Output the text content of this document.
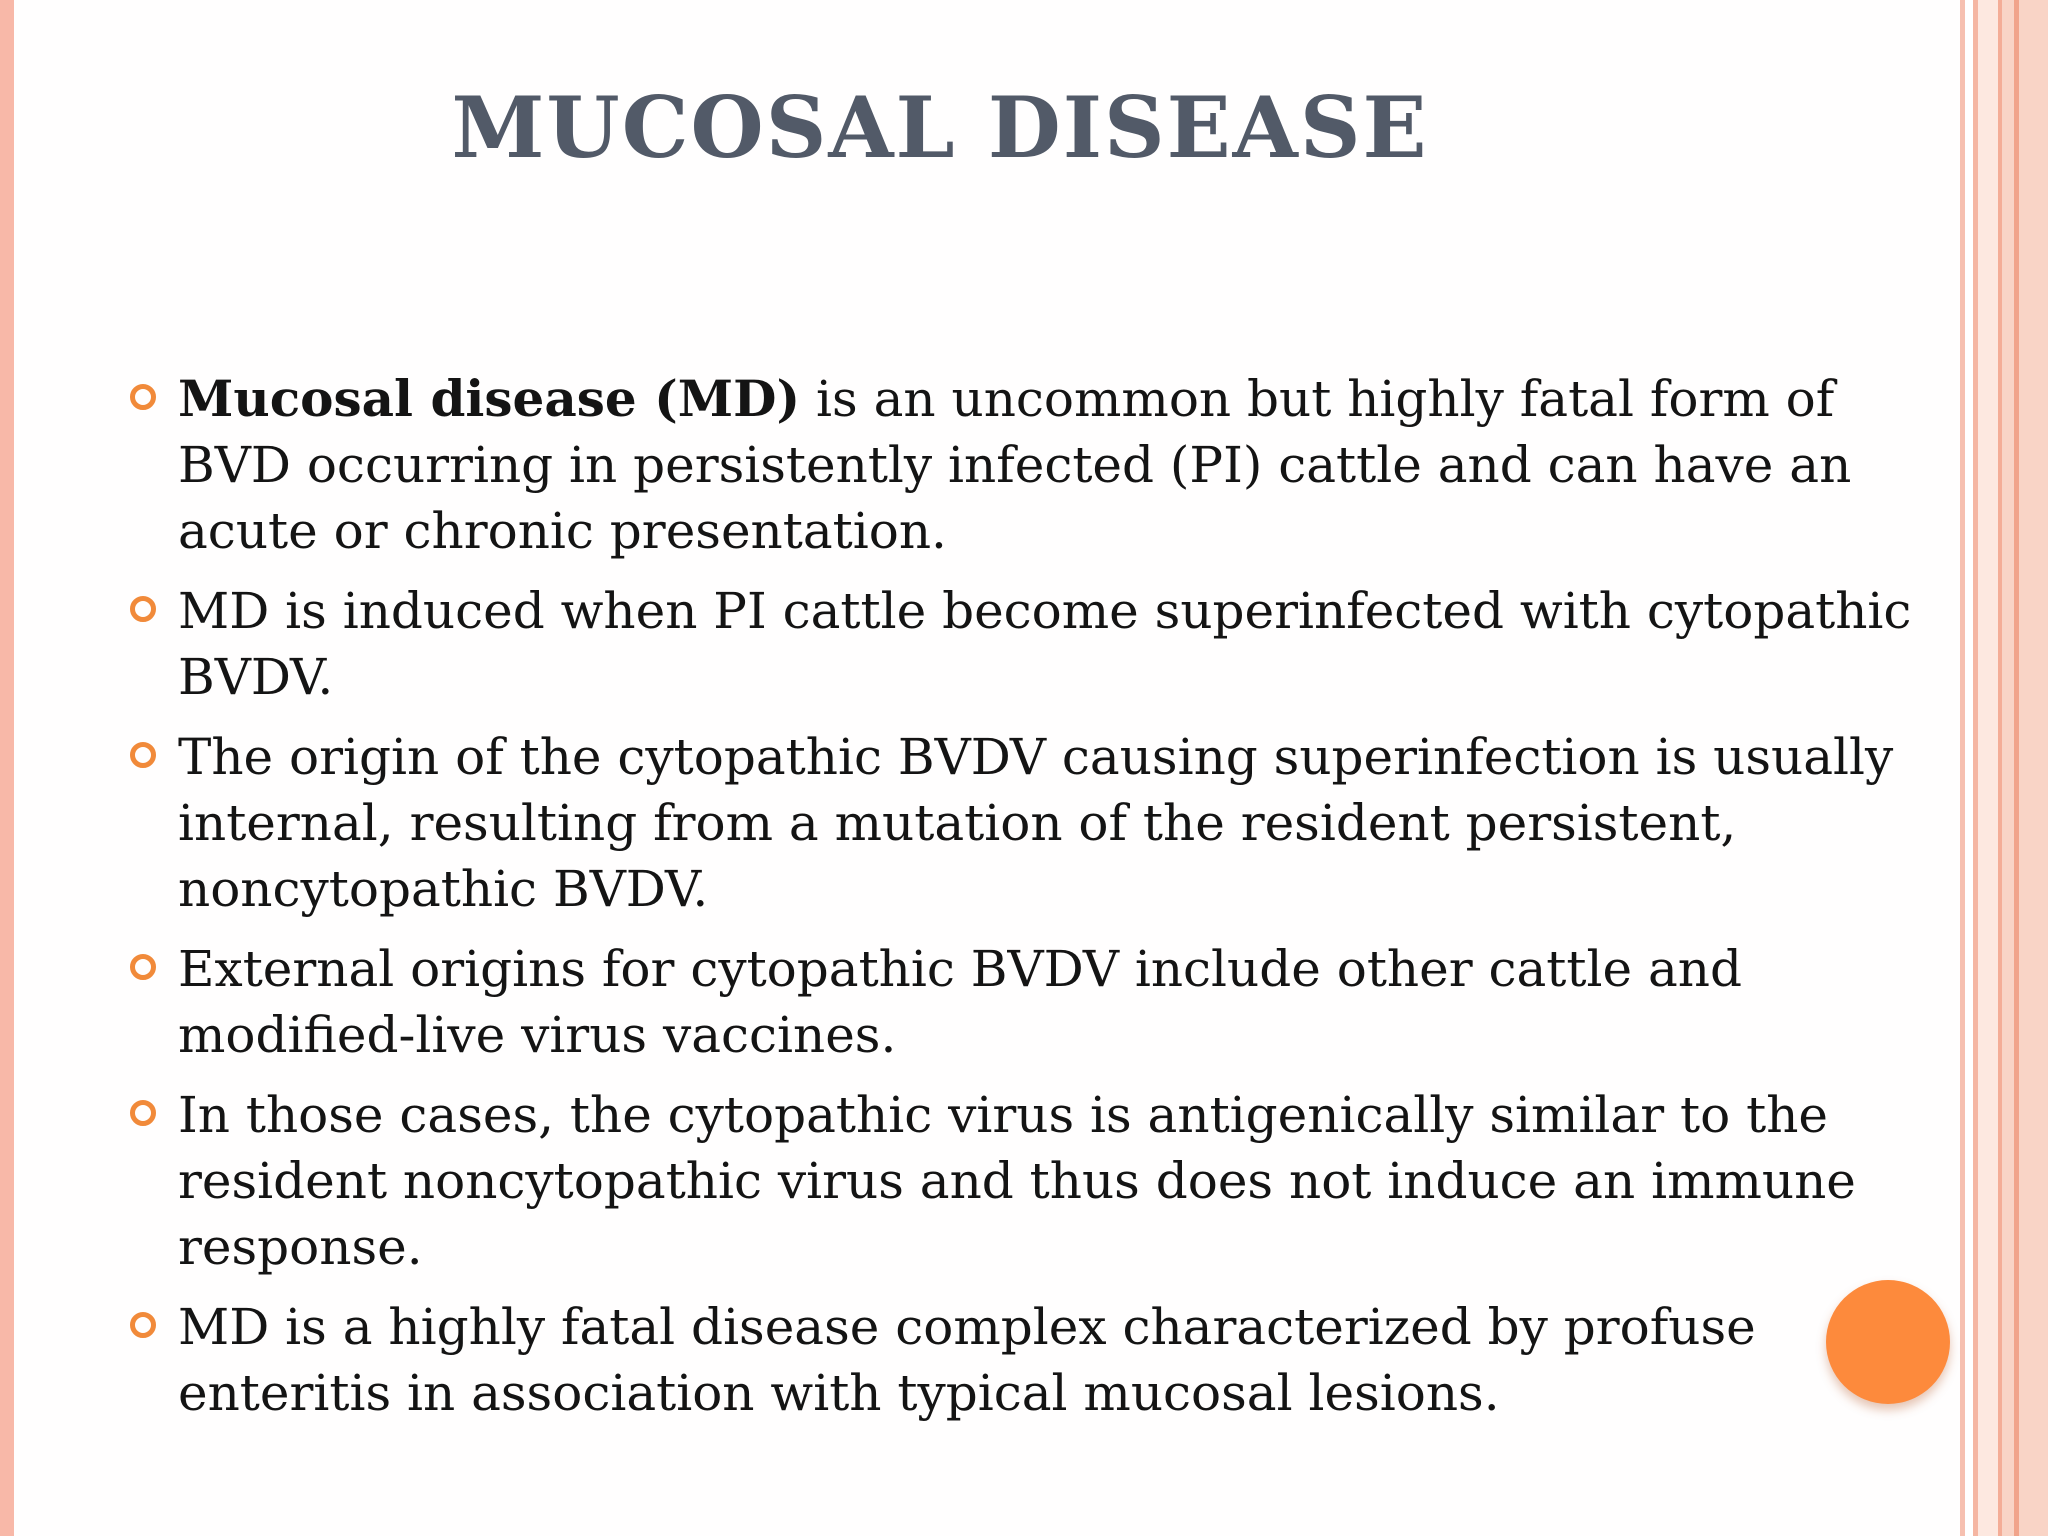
MUCOSAL DISEASE
Mucosal disease (MD) is an uncommon but highly fatal form of BVD occurring in persistently infected (PI) cattle and can have an acute or chronic presentation.
MD is induced when PI cattle become superinfected with cytopathic BVDV.
The origin of the cytopathic BVDV causing superinfection is usually internal, resulting from a mutation of the resident persistent, noncytopathic BVDV.
External origins for cytopathic BVDV include other cattle and modified-live virus vaccines.
In those cases, the cytopathic virus is antigenically similar to the resident noncytopathic virus and thus does not induce an immune response.
MD is a highly fatal disease complex characterized by profuse enteritis in association with typical mucosal lesions.
